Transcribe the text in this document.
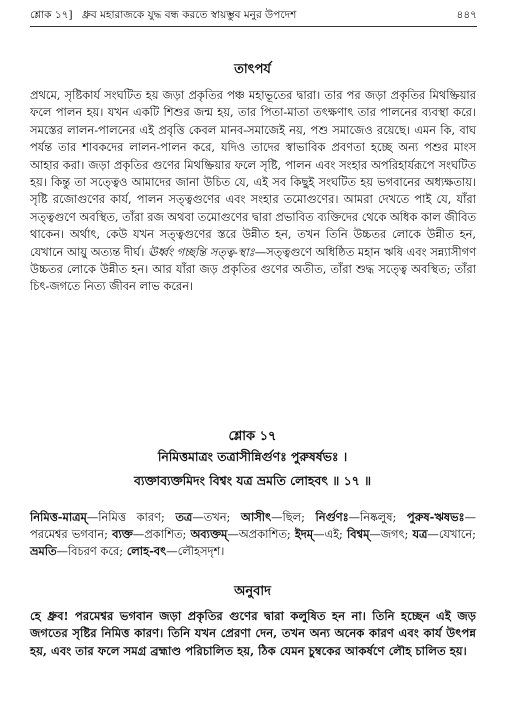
শ্লোক ১৭] ধ্রুব মহারাজকে যুদ্ধ বন্ধ করতে স্বায়ম্ভুব মনুর উপদেশ	৪৪৭
তাৎপর্য

প্রথমে, সৃষ্টিকার্য সংঘটিত হয় জড়া প্রকৃতির পঞ্চ মহাভূতের দ্বারা। তার পর জড়া প্রকৃতির মিথষ্ক্রিয়ার ফলে পালন হয়। যখন একটি শিশুর জন্ম হয়, তার পিতা-মাতা তৎক্ষণাৎ তার পালনের ব্যবস্থা করে। সমস্তের লালন-পালনের এই প্রবৃত্তি কেবল মানব-সমাজেই নয়, পশু সমাজেও রয়েছে। এমন কি, বাঘ পর্যন্ত তার শাবকদের লালন-পালন করে, যদিও তাদের স্বাভাবিক প্রবণতা হচ্ছে অন্য পশুর মাংস আহার করা। জড়া প্রকৃতির গুণের মিথষ্ক্রিয়ার ফলে সৃষ্টি, পালন এবং সংহার অপরিহার্যরূপে সংঘটিত হয়। কিন্তু তা সত্ত্বেও আমাদের জানা উচিত যে, এই সব কিছুই সংঘটিত হয় ভগবানের অধ্যক্ষতায়। সৃষ্টি রজোগুণের কার্য, পালন সত্ত্বগুণের এবং সংহার তমোগুণের। আমরা দেখতে পাই যে, যাঁরা সত্ত্বগুণে অবস্থিত, তাঁরা রজ অথবা তমোগুণের দ্বারা প্রভাবিত ব্যক্তিদের থেকে অধিক কাল জীবিত থাকেন। অর্থাৎ, কেউ যখন সত্ত্বগুণের স্তরে উন্নীত হন, তখন তিনি উচ্চতর লোকে উন্নীত হন, যেখানে আয়ু অত্যন্ত দীর্ঘ। ঊর্ধ্বং গচ্ছন্তি সত্ত্ব-স্থাঃ—সত্ত্বগুণে অধিষ্ঠিত মহান ঋষি এবং সন্ন্যাসীগণ উচ্চতর লোকে উন্নীত হন। আর যাঁরা জড় প্রকৃতির গুণের অতীত, তাঁরা শুদ্ধ সত্ত্বে অবস্থিত; তাঁরা চিৎ-জগতে নিত্য জীবন লাভ করেন।

শ্লোক ১৭
নিমিত্তমাত্রং তত্রাসীন্নির্গুণঃ পুরুষর্ষভঃ ।
ব্যক্তাব্যক্তমিদং বিশ্বং যত্র ভ্রমতি লোহবৎ ॥ ১৭ ॥

নিমিত্ত-মাত্রম্—নিমিত্ত কারণ; তত্র—তখন; আসীৎ—ছিল; নির্গুণঃ—নিষ্কলুষ; পুরুষ-ঋষভঃ—পরমেশ্বর ভগবান; ব্যক্ত—প্রকাশিত; অব্যক্তম্—অপ্রকাশিত; ইদম্—এই; বিশ্বম্—জগৎ; যত্র—যেখানে; ভ্রমতি—বিচরণ করে; লোহ-বৎ—লৌহসদৃশ।

অনুবাদ

হে ধ্রুব! পরমেশ্বর ভগবান জড়া প্রকৃতির গুণের দ্বারা কলুষিত হন না। তিনি হচ্ছেন এই জড় জগতের সৃষ্টির নিমিত্ত কারণ। তিনি যখন প্রেরণা দেন, তখন অন্য অনেক কারণ এবং কার্য উৎপন্ন হয়, এবং তার ফলে সমগ্র ব্রহ্মাণ্ড পরিচালিত হয়, ঠিক যেমন চুম্বকের আকর্ষণে লৌহ চালিত হয়।
